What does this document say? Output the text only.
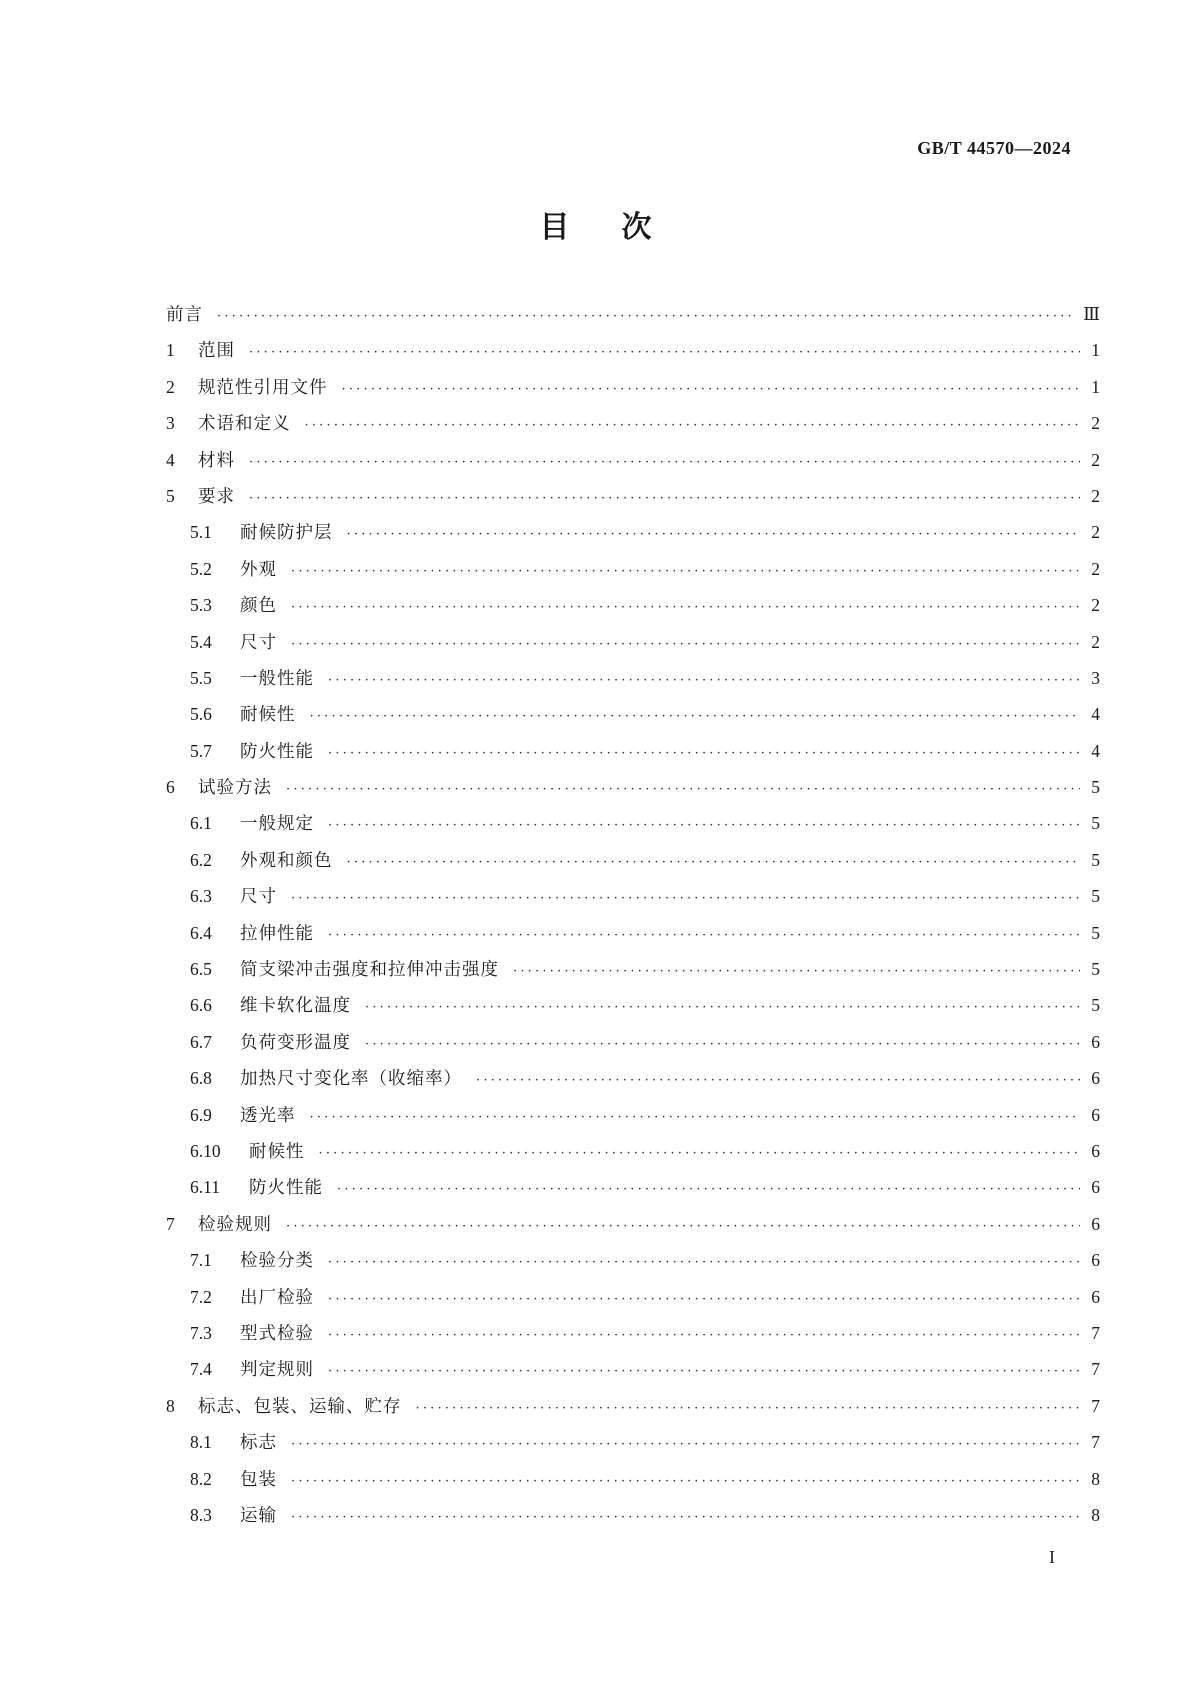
GB/T 44570—2024
目次
前言 ·····	Ⅲ
1	范围 ·····	1
2	规范性引用文件 ·····	1
3	术语和定义 ·····	2
4	材料 ·····	2
5	要求 ·····	2
5.1	耐候防护层 ·····	2
5.2	外观 ·····	2
5.3	颜色 ·····	2
5.4	尺寸 ·····	2
5.5	一般性能 ·····	3
5.6	耐候性 ·····	4
5.7	防火性能 ·····	4
6	试验方法 ·····	5
6.1	一般规定 ·····	5
6.2	外观和颜色 ·····	5
6.3	尺寸 ·····	5
6.4	拉伸性能 ·····	5
6.5	简支梁冲击强度和拉伸冲击强度 ·····	5
6.6	维卡软化温度 ·····	5
6.7	负荷变形温度 ·····	6
6.8	加热尺寸变化率（收缩率） ·····	6
6.9	透光率 ·····	6
6.10	耐候性 ·····	6
6.11	防火性能 ·····	6
7	检验规则 ·····	6
7.1	检验分类 ·····	6
7.2	出厂检验 ·····	6
7.3	型式检验 ·····	7
7.4	判定规则 ·····	7
8	标志、包装、运输、贮存 ·····	7
8.1	标志 ·····	7
8.2	包装 ·····	8
8.3	运输 ·····	8
I
